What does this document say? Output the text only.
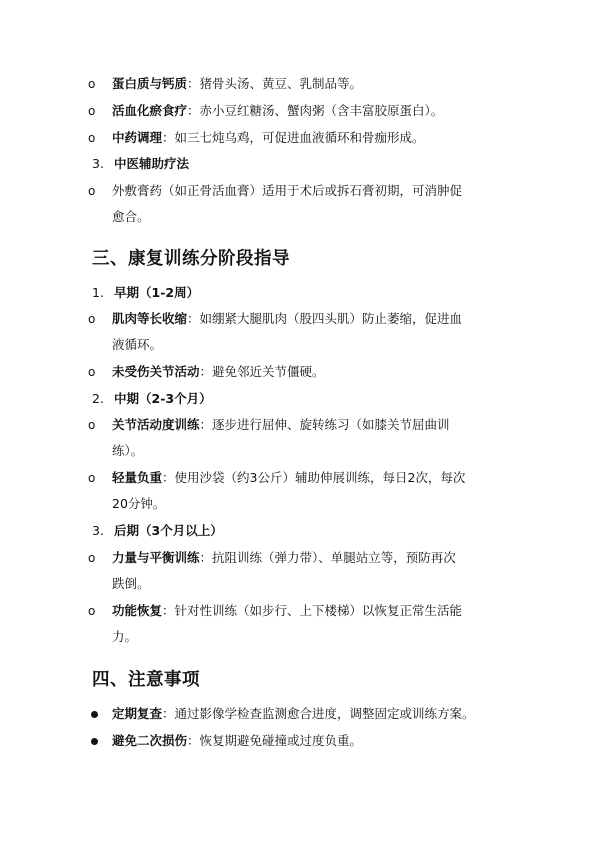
o 蛋白质与钙质：猪骨头汤、黄豆、乳制品等。
o 活血化瘀食疗：赤小豆红糖汤、蟹肉粥（含丰富胶原蛋白）。
o 中药调理：如三七炖乌鸡，可促进血液循环和骨痂形成。
3. 中医辅助疗法
o 外敷膏药（如正骨活血膏）适用于术后或拆石膏初期，可消肿促
愈合。
三、康复训练分阶段指导
1. 早期（1-2周）
o 肌肉等长收缩：如绷紧大腿肌肉（股四头肌）防止萎缩，促进血
液循环。
o 未受伤关节活动：避免邻近关节僵硬。
2. 中期（2-3个月）
o 关节活动度训练：逐步进行屈伸、旋转练习（如膝关节屈曲训
练）。
o 轻量负重：使用沙袋（约3公斤）辅助伸展训练，每日2次，每次
20分钟。
3. 后期（3个月以上）
o 力量与平衡训练：抗阻训练（弹力带）、单腿站立等，预防再次
跌倒。
o 功能恢复：针对性训练（如步行、上下楼梯）以恢复正常生活能
力。
四、注意事项
定期复查：通过影像学检查监测愈合进度，调整固定或训练方案。
避免二次损伤：恢复期避免碰撞或过度负重。
